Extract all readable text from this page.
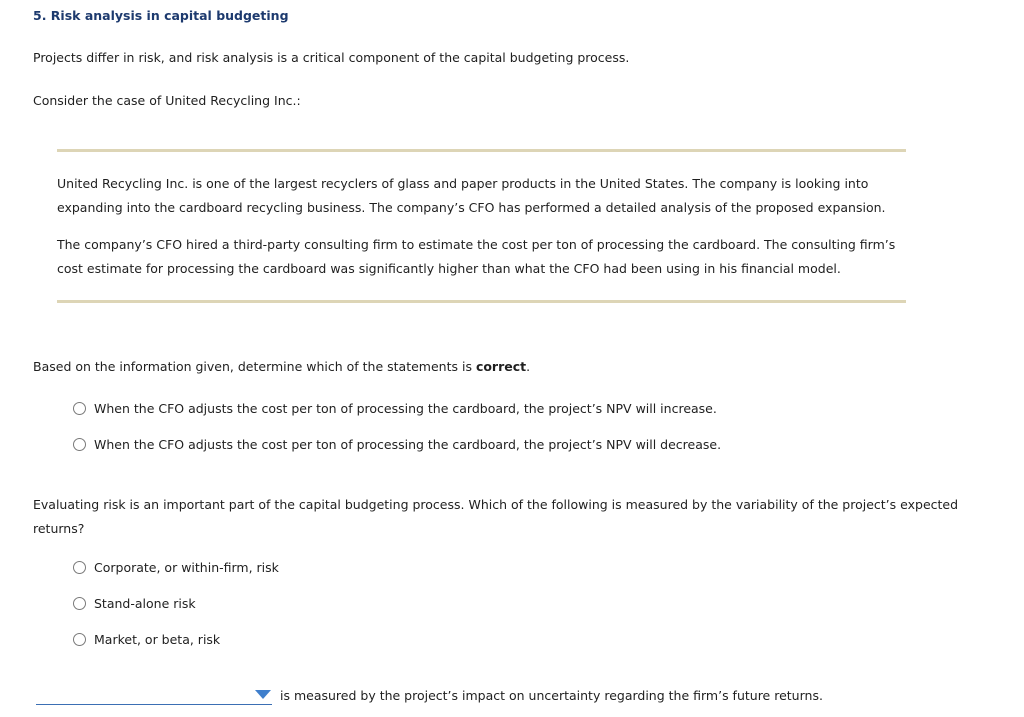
5. Risk analysis in capital budgeting
Projects differ in risk, and risk analysis is a critical component of the capital budgeting process.
Consider the case of United Recycling Inc.:
United Recycling Inc. is one of the largest recyclers of glass and paper products in the United States. The company is looking into
expanding into the cardboard recycling business. The company’s CFO has performed a detailed analysis of the proposed expansion.
The company’s CFO hired a third-party consulting firm to estimate the cost per ton of processing the cardboard. The consulting firm’s
cost estimate for processing the cardboard was significantly higher than what the CFO had been using in his financial model.
Based on the information given, determine which of the statements is correct.
When the CFO adjusts the cost per ton of processing the cardboard, the project’s NPV will increase.
When the CFO adjusts the cost per ton of processing the cardboard, the project’s NPV will decrease.
Evaluating risk is an important part of the capital budgeting process. Which of the following is measured by the variability of the project’s expected
returns?
Corporate, or within-firm, risk
Stand-alone risk
Market, or beta, risk
is measured by the project’s impact on uncertainty regarding the firm’s future returns.
